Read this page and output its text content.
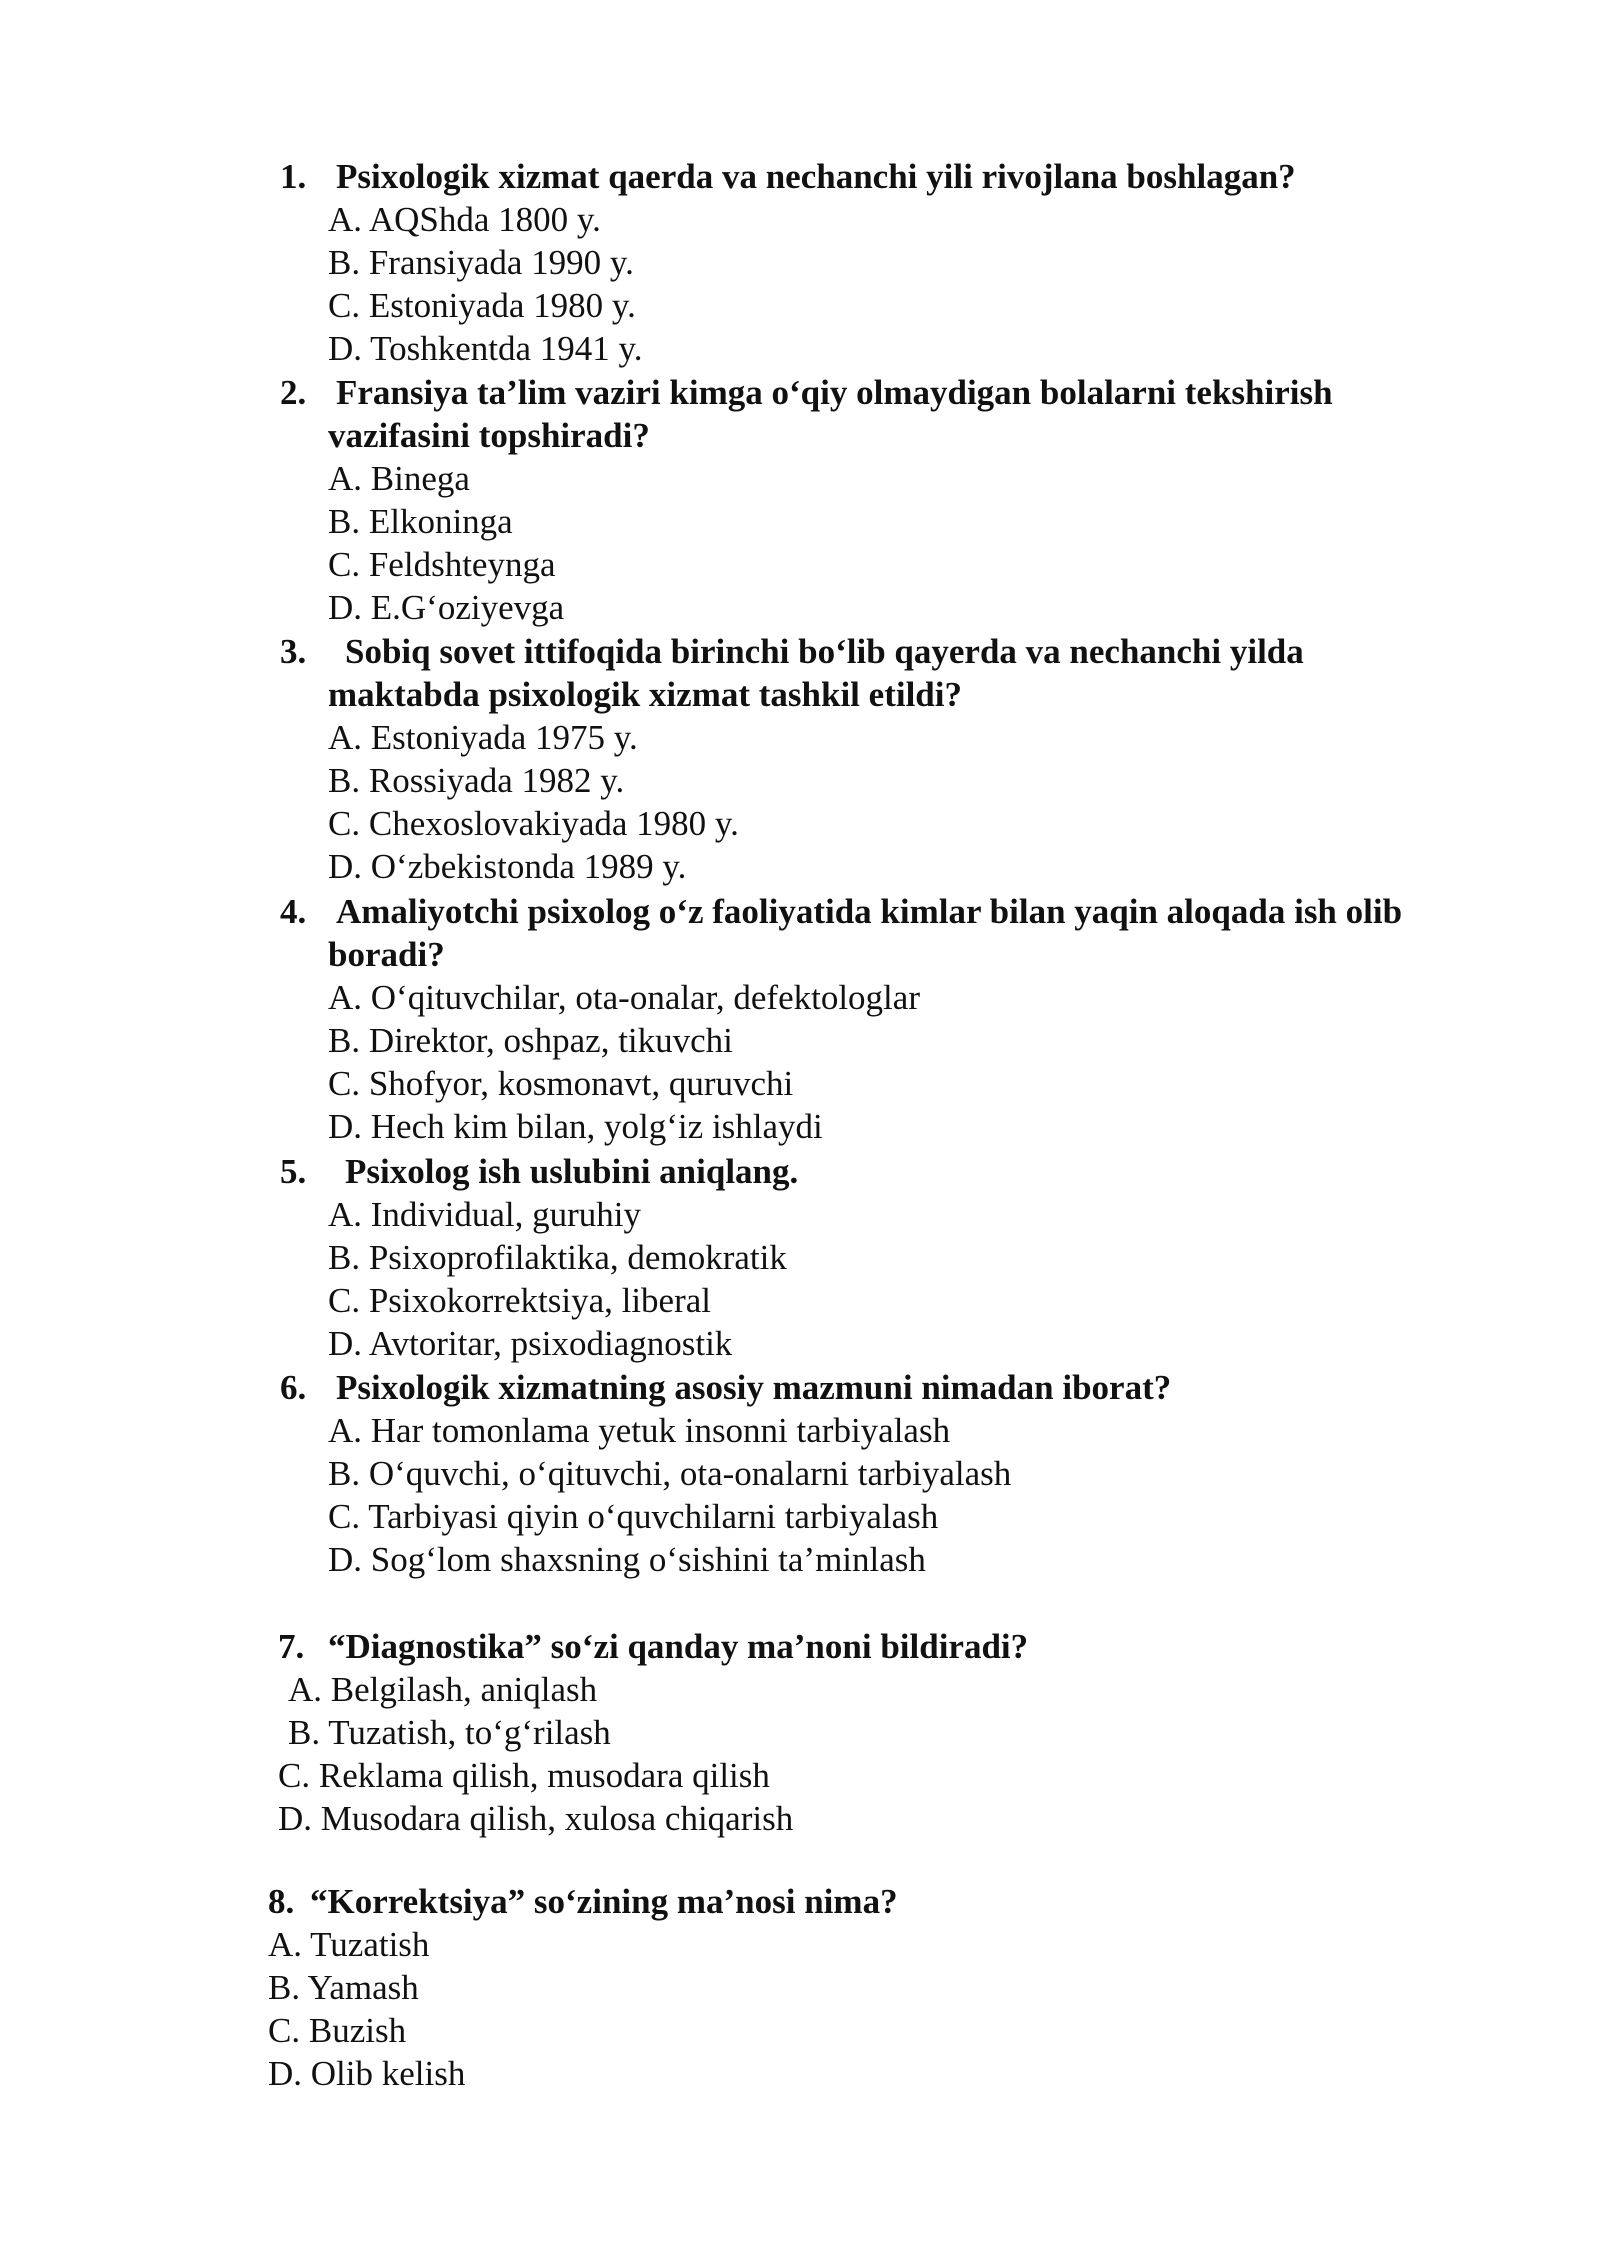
1. Psixologik xizmat qaerda va nechanchi yili rivojlana boshlagan?
A. AQShda 1800 y.
B. Fransiyada 1990 y.
C. Estoniyada 1980 y.
D. Toshkentda 1941 y.
2. Fransiya ta’lim vaziri kimga o‘qiy olmaydigan bolalarni tekshirish
vazifasini topshiradi?
A. Binega
B. Elkoninga
C. Feldshteynga
D. E.G‘oziyevga
3. Sobiq sovet ittifoqida birinchi bo‘lib qayerda va nechanchi yilda
maktabda psixologik xizmat tashkil etildi?
A. Estoniyada 1975 y.
B. Rossiyada 1982 y.
C. Chexoslovakiyada 1980 y.
D. O‘zbekistonda 1989 y.
4. Amaliyotchi psixolog o‘z faoliyatida kimlar bilan yaqin aloqada ish olib
boradi?
A. O‘qituvchilar, ota-onalar, defektologlar
B. Direktor, oshpaz, tikuvchi
C. Shofyor, kosmonavt, quruvchi
D. Hech kim bilan, yolg‘iz ishlaydi
5. Psixolog ish uslubini aniqlang.
A. Individual, guruhiy
B. Psixoprofilaktika, demokratik
C. Psixokorrektsiya, liberal
D. Avtoritar, psixodiagnostik
6. Psixologik xizmatning asosiy mazmuni nimadan iborat?
A. Har tomonlama yetuk insonni tarbiyalash
B. O‘quvchi, o‘qituvchi, ota-onalarni tarbiyalash
C. Tarbiyasi qiyin o‘quvchilarni tarbiyalash
D. Sog‘lom shaxsning o‘sishini ta’minlash
7. “Diagnostika” so‘zi qanday ma’noni bildiradi?
A. Belgilash, aniqlash
B. Tuzatish, to‘g‘rilash
C. Reklama qilish, musodara qilish
D. Musodara qilish, xulosa chiqarish
8. “Korrektsiya” so‘zining ma’nosi nima?
A. Tuzatish
B. Yamash
C. Buzish
D. Olib kelish
